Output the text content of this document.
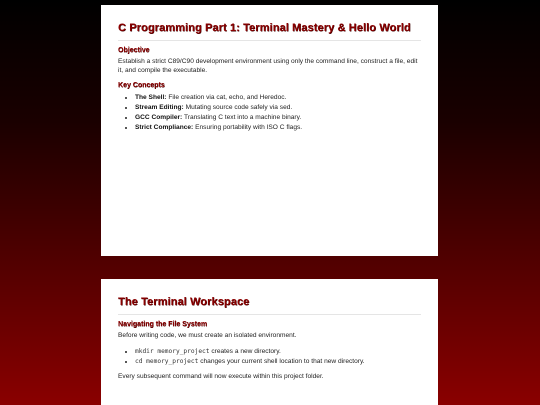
C Programming Part 1: Terminal Mastery & Hello World
Objective

Establish a strict C89/C90 development environment using only the command line, construct a file, edit it, and compile the executable.

Key Concepts
• The Shell: File creation via cat, echo, and Heredoc.
• Stream Editing: Mutating source code safely via sed.
• GCC Compiler: Translating C text into a machine binary.
• Strict Compliance: Ensuring portability with ISO C flags.
The Terminal Workspace
Navigating the File System

Before writing code, we must create an isolated environment.

• mkdir memory_project creates a new directory.
• cd memory_project changes your current shell location to that new directory.

Every subsequent command will now execute within this project folder.
